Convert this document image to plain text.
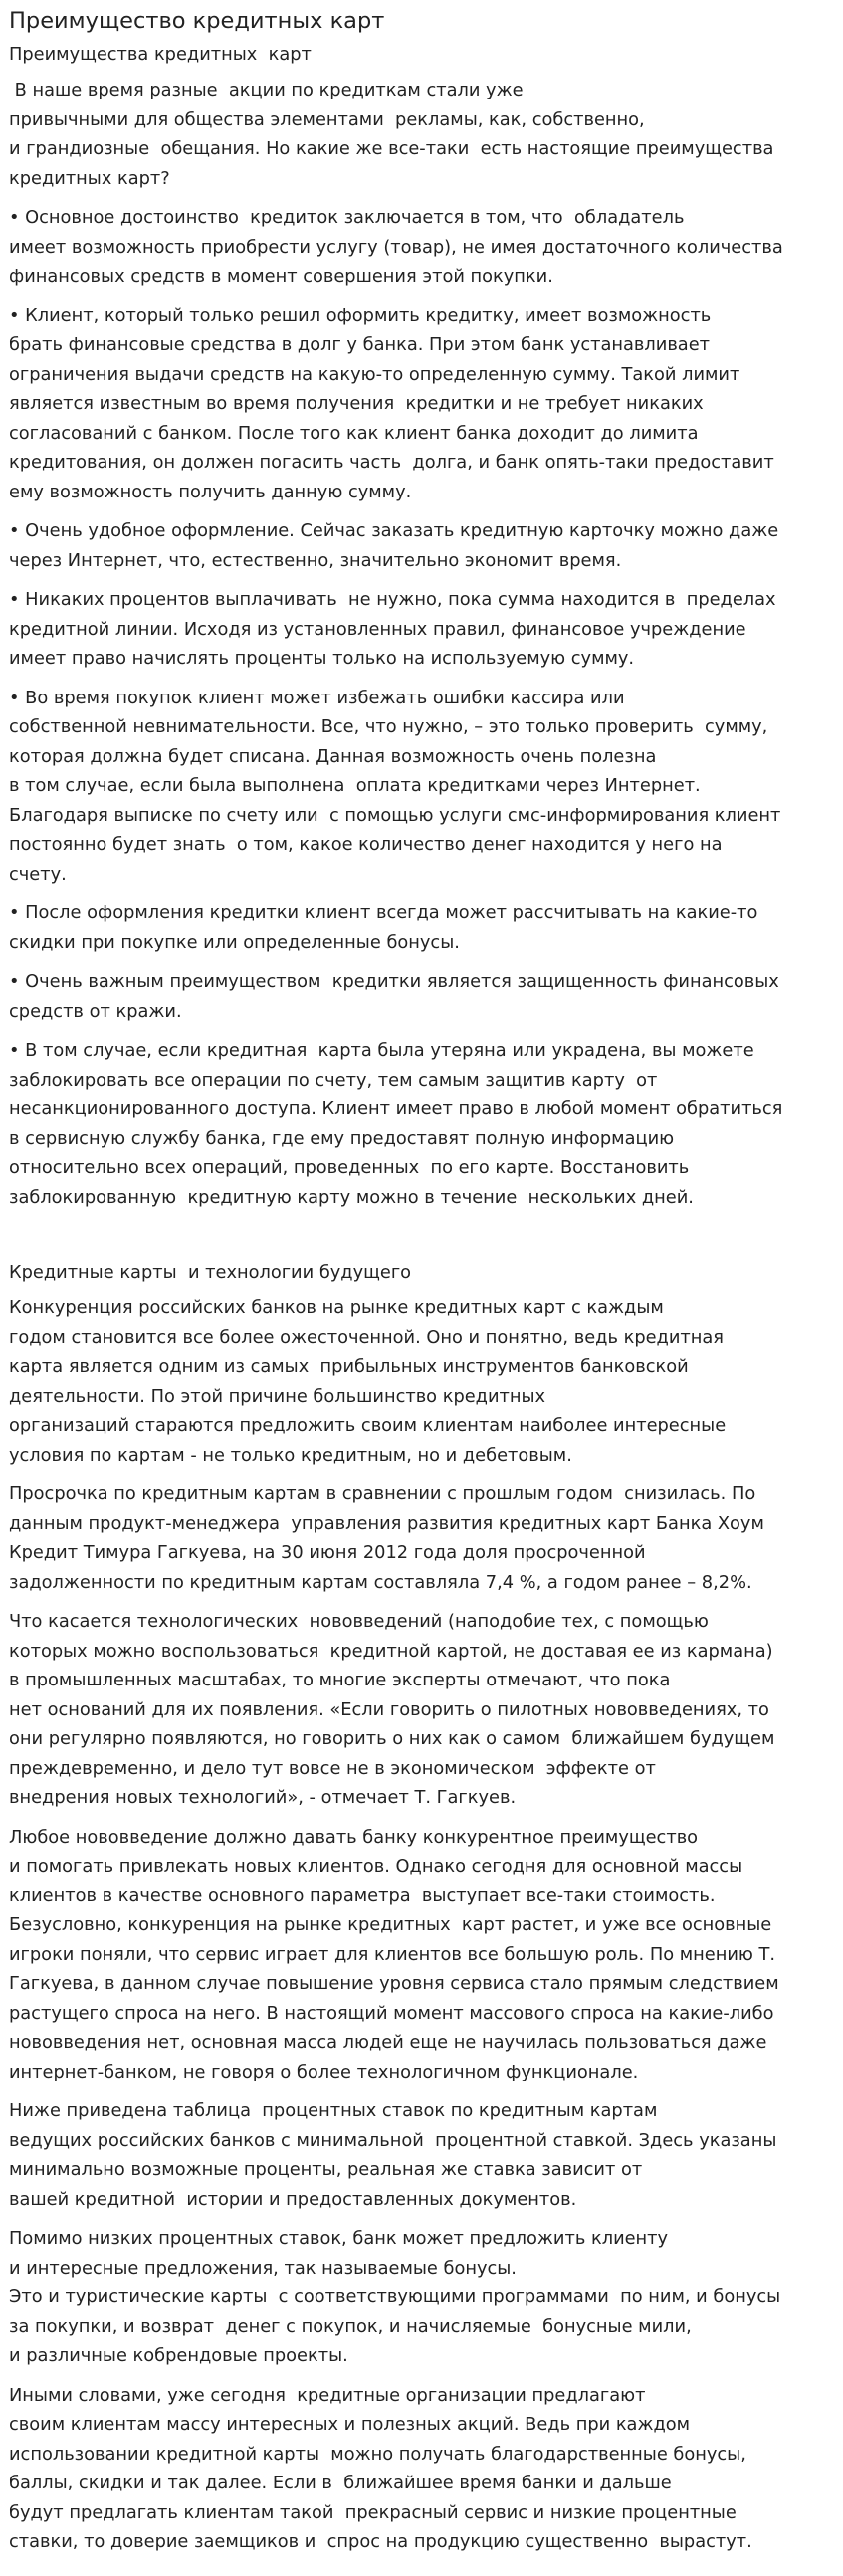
Преимущество кредитных карт
Преимущества кредитных  карт

В наше время разные  акции по кредиткам стали уже
привычными для общества элементами  рекламы, как, собственно,
и грандиозные  обещания. Но какие же все-таки  есть настоящие преимущества
кредитных карт?

• Основное достоинство  кредиток заключается в том, что  обладатель
имеет возможность приобрести услугу (товар), не имея достаточного количества
финансовых средств в момент совершения этой покупки.

• Клиент, который только решил оформить кредитку, имеет возможность
брать финансовые средства в долг у банка. При этом банк устанавливает
ограничения выдачи средств на какую-то определенную сумму. Такой лимит
является известным во время получения  кредитки и не требует никаких
согласований с банком. После того как клиент банка доходит до лимита
кредитования, он должен погасить часть  долга, и банк опять-таки предоставит
ему возможность получить данную сумму.

• Очень удобное оформление. Сейчас заказать кредитную карточку можно даже
через Интернет, что, естественно, значительно экономит время.

• Никаких процентов выплачивать  не нужно, пока сумма находится в  пределах
кредитной линии. Исходя из установленных правил, финансовое учреждение
имеет право начислять проценты только на используемую сумму.

• Во время покупок клиент может избежать ошибки кассира или
собственной невнимательности. Все, что нужно, – это только проверить  сумму,
которая должна будет списана. Данная возможность очень полезна
в том случае, если была выполнена  оплата кредитками через Интернет.
Благодаря выписке по счету или  с помощью услуги смс-информирования клиент
постоянно будет знать  о том, какое количество денег находится у него на
счету.

• После оформления кредитки клиент всегда может рассчитывать на какие-то
скидки при покупке или определенные бонусы.

• Очень важным преимуществом  кредитки является защищенность финансовых
средств от кражи.

• В том случае, если кредитная  карта была утеряна или украдена, вы можете
заблокировать все операции по счету, тем самым защитив карту  от
несанкционированного доступа. Клиент имеет право в любой момент обратиться
в сервисную службу банка, где ему предоставят полную информацию
относительно всех операций, проведенных  по его карте. Восстановить
заблокированную  кредитную карту можно в течение  нескольких дней.

Кредитные карты  и технологии будущего

Конкуренция российских банков на рынке кредитных карт с каждым
годом становится все более ожесточенной. Оно и понятно, ведь кредитная
карта является одним из самых  прибыльных инструментов банковской
деятельности. По этой причине большинство кредитных
организаций стараются предложить своим клиентам наиболее интересные
условия по картам - не только кредитным, но и дебетовым.

Просрочка по кредитным картам в сравнении с прошлым годом  снизилась. По
данным продукт-менеджера  управления развития кредитных карт Банка Хоум
Кредит Тимура Гагкуева, на 30 июня 2012 года доля просроченной
задолженности по кредитным картам составляла 7,4 %, а годом ранее – 8,2%.

Что касается технологических  нововведений (наподобие тех, с помощью
которых можно воспользоваться  кредитной картой, не доставая ее из кармана)
в промышленных масштабах, то многие эксперты отмечают, что пока
нет оснований для их появления. «Если говорить о пилотных нововведениях, то
они регулярно появляются, но говорить о них как о самом  ближайшем будущем
преждевременно, и дело тут вовсе не в экономическом  эффекте от
внедрения новых технологий», - отмечает Т. Гагкуев.

Любое нововведение должно давать банку конкурентное преимущество
и помогать привлекать новых клиентов. Однако сегодня для основной массы
клиентов в качестве основного параметра  выступает все-таки стоимость.
Безусловно, конкуренция на рынке кредитных  карт растет, и уже все основные
игроки поняли, что сервис играет для клиентов все большую роль. По мнению Т.
Гагкуева, в данном случае повышение уровня сервиса стало прямым следствием
растущего спроса на него. В настоящий момент массового спроса на какие-либо
нововведения нет, основная масса людей еще не научилась пользоваться даже
интернет-банком, не говоря о более технологичном функционале.

Ниже приведена таблица  процентных ставок по кредитным картам
ведущих российских банков с минимальной  процентной ставкой. Здесь указаны
минимально возможные проценты, реальная же ставка зависит от
вашей кредитной  истории и предоставленных документов.

Помимо низких процентных ставок, банк может предложить клиенту
и интересные предложения, так называемые бонусы.
Это и туристические карты  с соответствующими программами  по ним, и бонусы
за покупки, и возврат  денег с покупок, и начисляемые  бонусные мили,
и различные кобрендовые проекты.

Иными словами, уже сегодня  кредитные организации предлагают
своим клиентам массу интересных и полезных акций. Ведь при каждом
использовании кредитной карты  можно получать благодарственные бонусы,
баллы, скидки и так далее. Если в  ближайшее время банки и дальше
будут предлагать клиентам такой  прекрасный сервис и низкие процентные
ставки, то доверие заемщиков и  спрос на продукцию существенно  вырастут.
